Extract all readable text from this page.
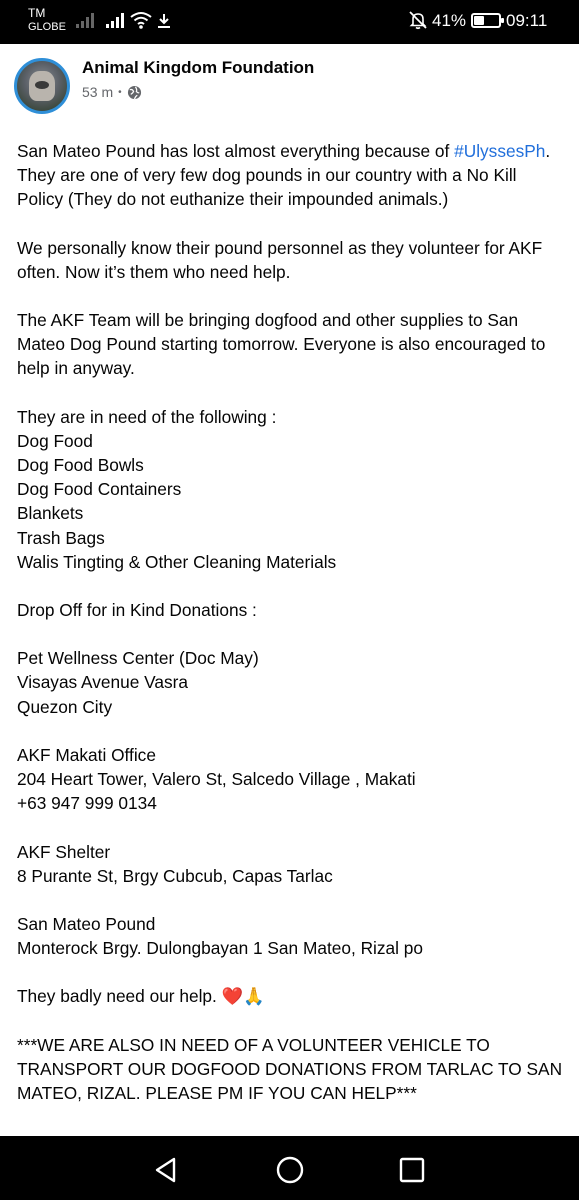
TM
GLOBE	41% 09:11
Animal Kingdom Foundation
53 m •
San Mateo Pound has lost almost everything because of #UlyssesPh. They are one of very few dog pounds in our country with a No Kill Policy (They do not euthanize their impounded animals.)

We personally know their pound personnel as they volunteer for AKF often. Now it’s them who need help.

The AKF Team will be bringing dogfood and other supplies to San Mateo Dog Pound starting tomorrow. Everyone is also encouraged to help in anyway.

They are in need of the following :
Dog Food
Dog Food Bowls
Dog Food Containers
Blankets
Trash Bags
Walis Tingting & Other Cleaning Materials

Drop Off for in Kind Donations :

Pet Wellness Center (Doc May)
Visayas Avenue Vasra
Quezon City

AKF Makati Office
204 Heart Tower, Valero St, Salcedo Village , Makati
+63 947 999 0134

AKF Shelter
8 Purante St, Brgy Cubcub, Capas Tarlac

San Mateo Pound
Monterock Brgy. Dulongbayan 1 San Mateo, Rizal po

They badly need our help. ❤️🙏

***WE ARE ALSO IN NEED OF A VOLUNTEER VEHICLE TO TRANSPORT OUR DOGFOOD DONATIONS FROM TARLAC TO SAN MATEO, RIZAL. PLEASE PM IF YOU CAN HELP***
